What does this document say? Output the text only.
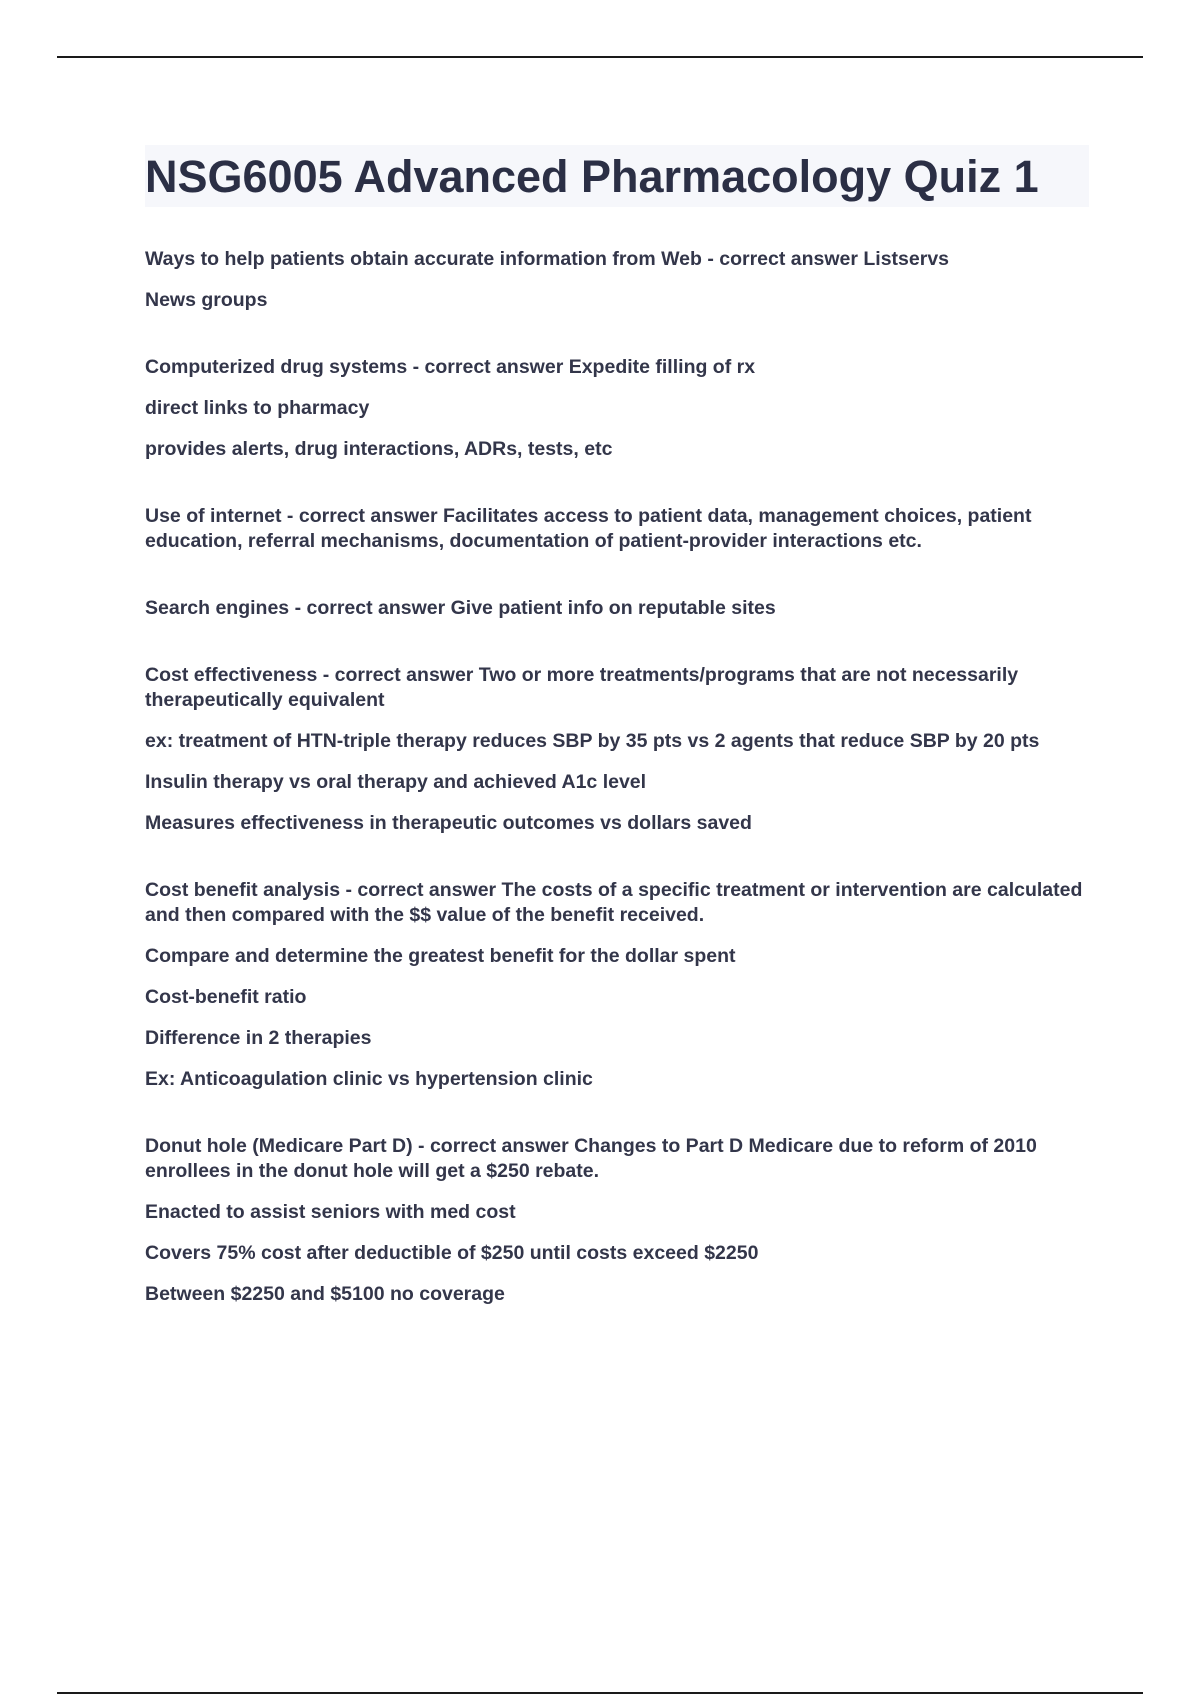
NSG6005 Advanced Pharmacology Quiz 1

Ways to help patients obtain accurate information from Web - correct answer Listservs

News groups

Computerized drug systems - correct answer Expedite filling of rx

direct links to pharmacy

provides alerts, drug interactions, ADRs, tests, etc

Use of internet - correct answer Facilitates access to patient data, management choices, patient education, referral mechanisms, documentation of patient-provider interactions etc.

Search engines - correct answer Give patient info on reputable sites

Cost effectiveness - correct answer Two or more treatments/programs that are not necessarily therapeutically equivalent

ex: treatment of HTN-triple therapy reduces SBP by 35 pts vs 2 agents that reduce SBP by 20 pts

Insulin therapy vs oral therapy and achieved A1c level

Measures effectiveness in therapeutic outcomes vs dollars saved

Cost benefit analysis - correct answer The costs of a specific treatment or intervention are calculated and then compared with the $$ value of the benefit received.

Compare and determine the greatest benefit for the dollar spent

Cost-benefit ratio

Difference in 2 therapies

Ex: Anticoagulation clinic vs hypertension clinic

Donut hole (Medicare Part D) - correct answer Changes to Part D Medicare due to reform of 2010 enrollees in the donut hole will get a $250 rebate.

Enacted to assist seniors with med cost

Covers 75% cost after deductible of $250 until costs exceed $2250

Between $2250 and $5100 no coverage
